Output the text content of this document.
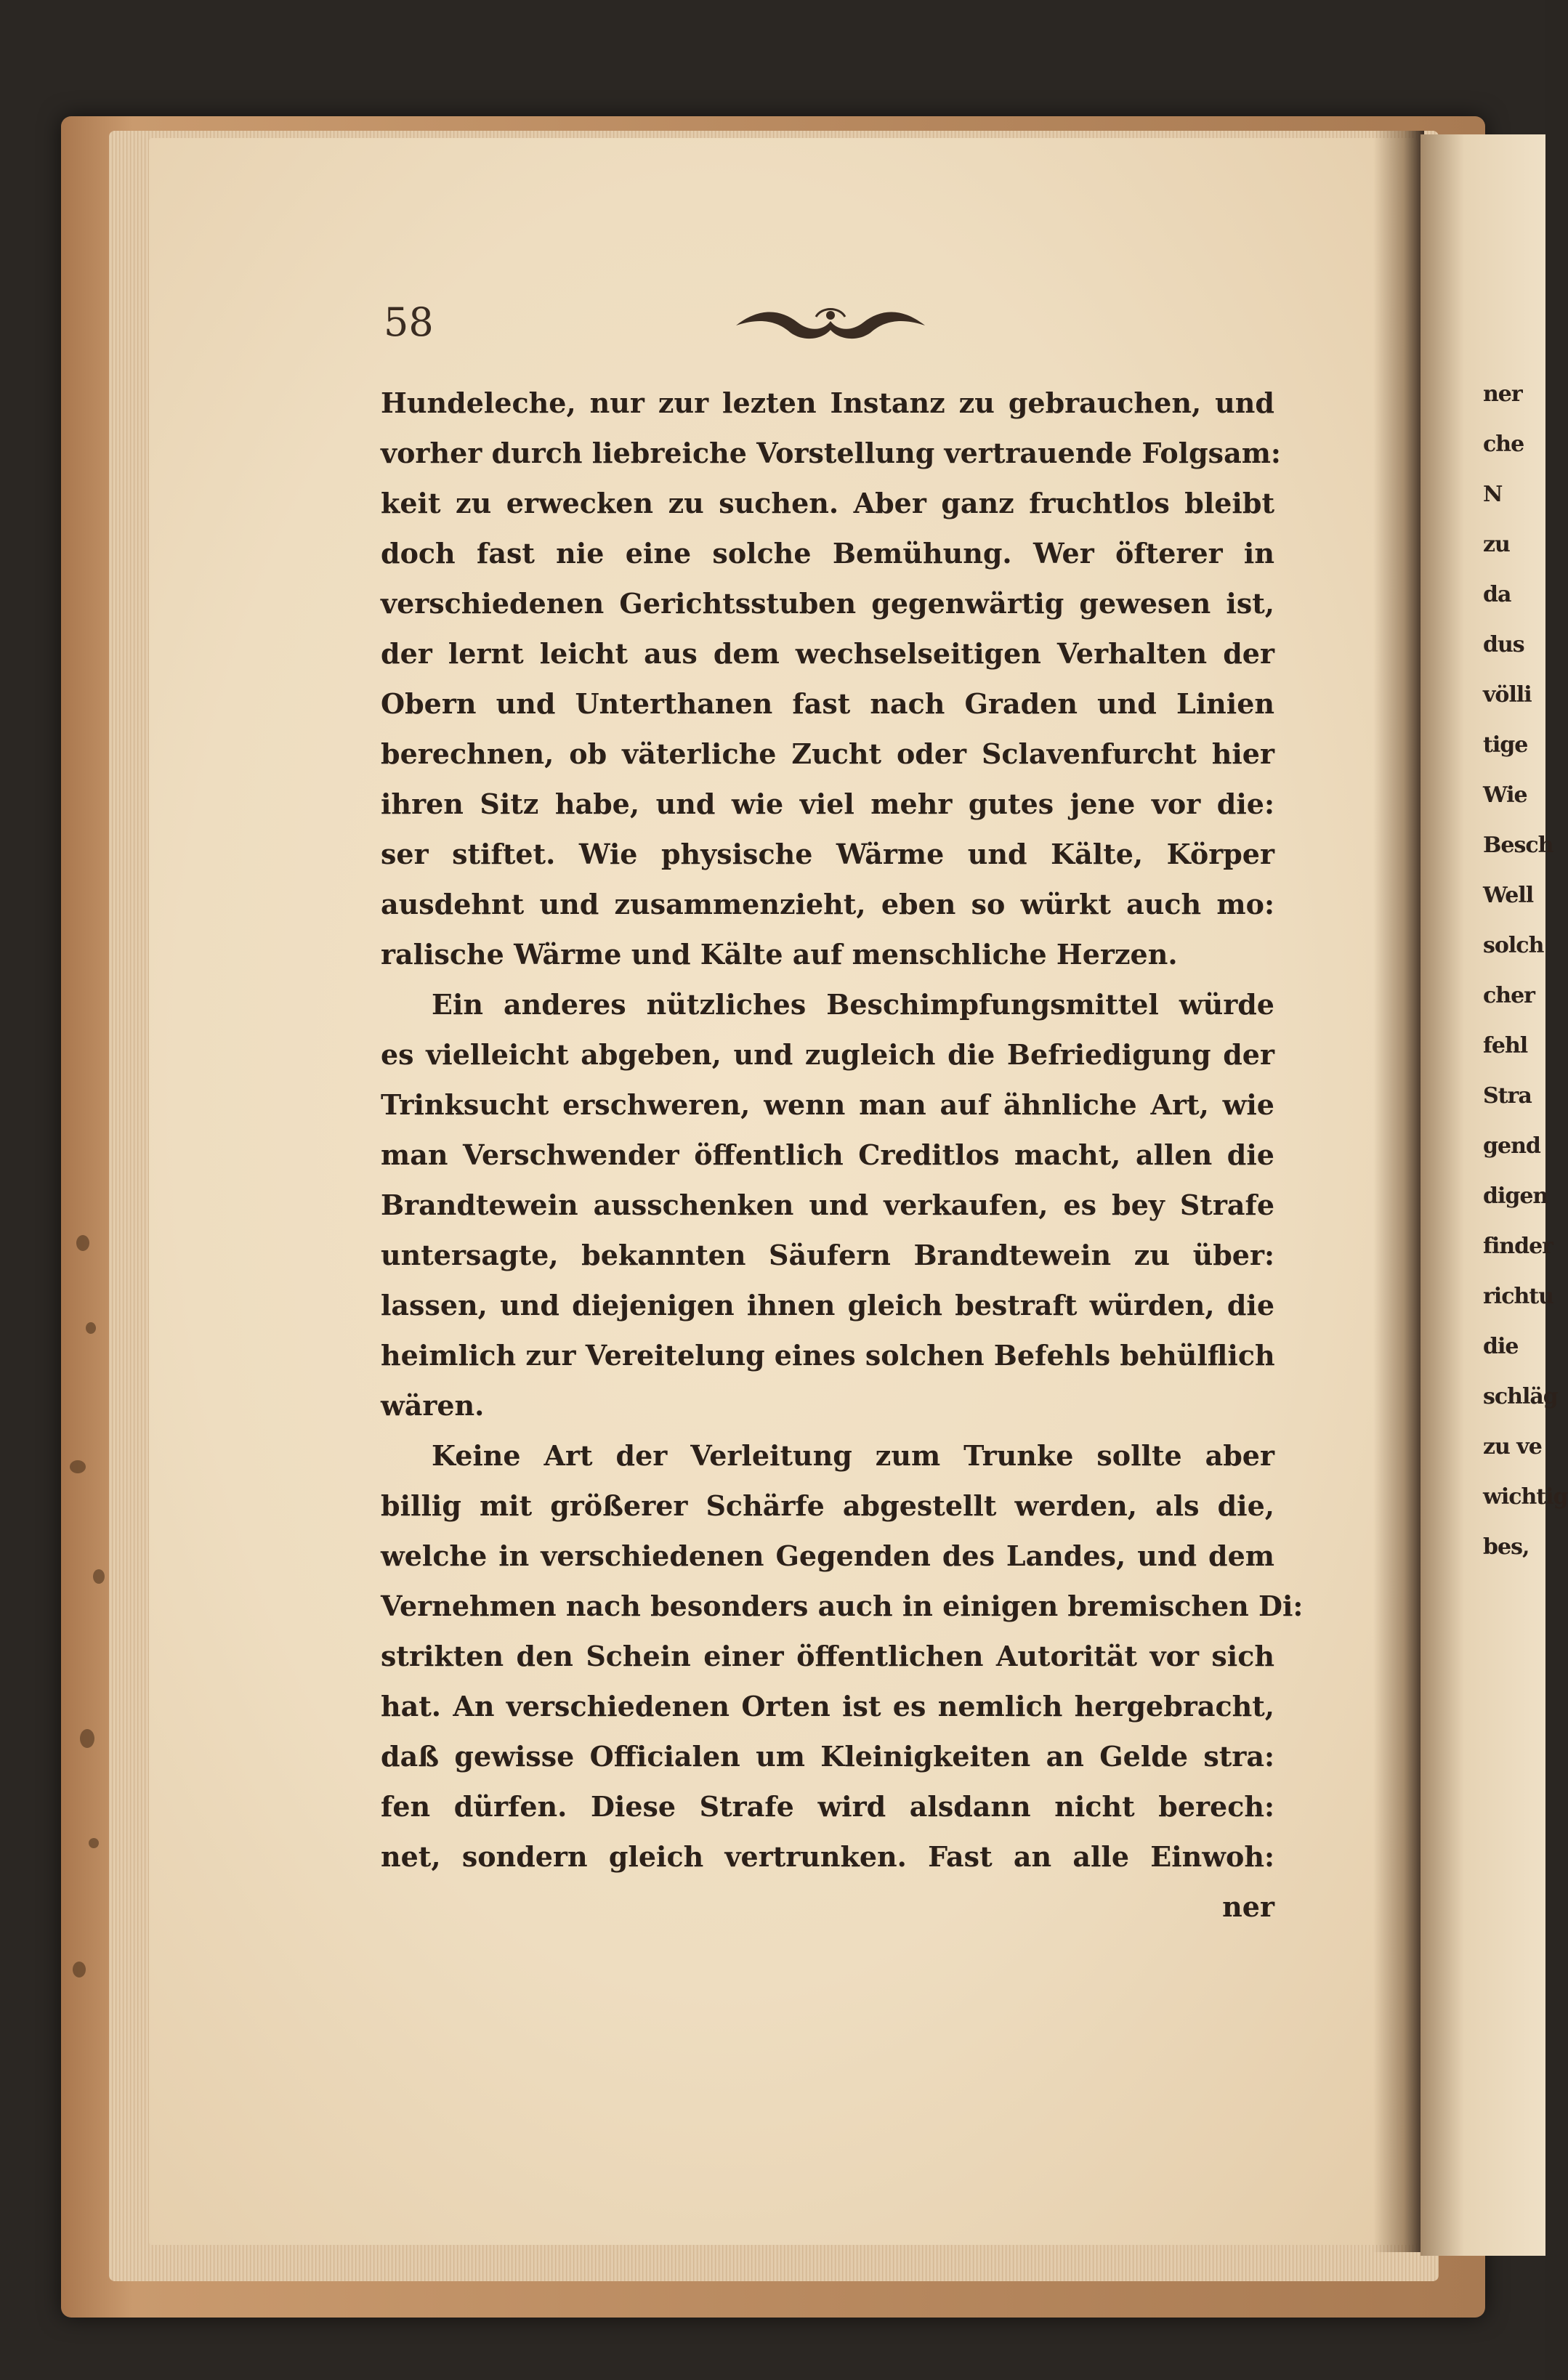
58
Hundeleche, nur zur lezten Instanz zu gebrauchen, und
vorher durch liebreiche Vorstellung vertrauende Folgsam:
keit zu erwecken zu suchen. Aber ganz fruchtlos bleibt
doch fast nie eine solche Bemühung. Wer öfterer in
verschiedenen Gerichtsstuben gegenwärtig gewesen ist,
der lernt leicht aus dem wechselseitigen Verhalten der
Obern und Unterthanen fast nach Graden und Linien
berechnen, ob väterliche Zucht oder Sclavenfurcht hier
ihren Sitz habe, und wie viel mehr gutes jene vor die:
ser stiftet. Wie physische Wärme und Kälte, Körper
ausdehnt und zusammenzieht, eben so würkt auch mo:
ralische Wärme und Kälte auf menschliche Herzen.
Ein anderes nützliches Beschimpfungsmittel würde
es vielleicht abgeben, und zugleich die Befriedigung der
Trinksucht erschweren, wenn man auf ähnliche Art, wie
man Verschwender öffentlich Creditlos macht, allen die
Brandtewein ausschenken und verkaufen, es bey Strafe
untersagte, bekannten Säufern Brandtewein zu über:
lassen, und diejenigen ihnen gleich bestraft würden, die
heimlich zur Vereitelung eines solchen Befehls behülflich
wären.
Keine Art der Verleitung zum Trunke sollte aber
billig mit größerer Schärfe abgestellt werden, als die,
welche in verschiedenen Gegenden des Landes, und dem
Vernehmen nach besonders auch in einigen bremischen Di:
strikten den Schein einer öffentlichen Autorität vor sich
hat. An verschiedenen Orten ist es nemlich hergebracht,
daß gewisse Officialen um Kleinigkeiten an Gelde stra:
fen dürfen. Diese Strafe wird alsdann nicht berech:
net, sondern gleich vertrunken. Fast an alle Einwoh:
ner
ner
che
N
zu
da
dus
völli
tige
Wie
Besch
Well
solch
cher
fehl
Stra
gend
digen
finder
richtu
die
schläg
zu ve
wichtig
bes,
